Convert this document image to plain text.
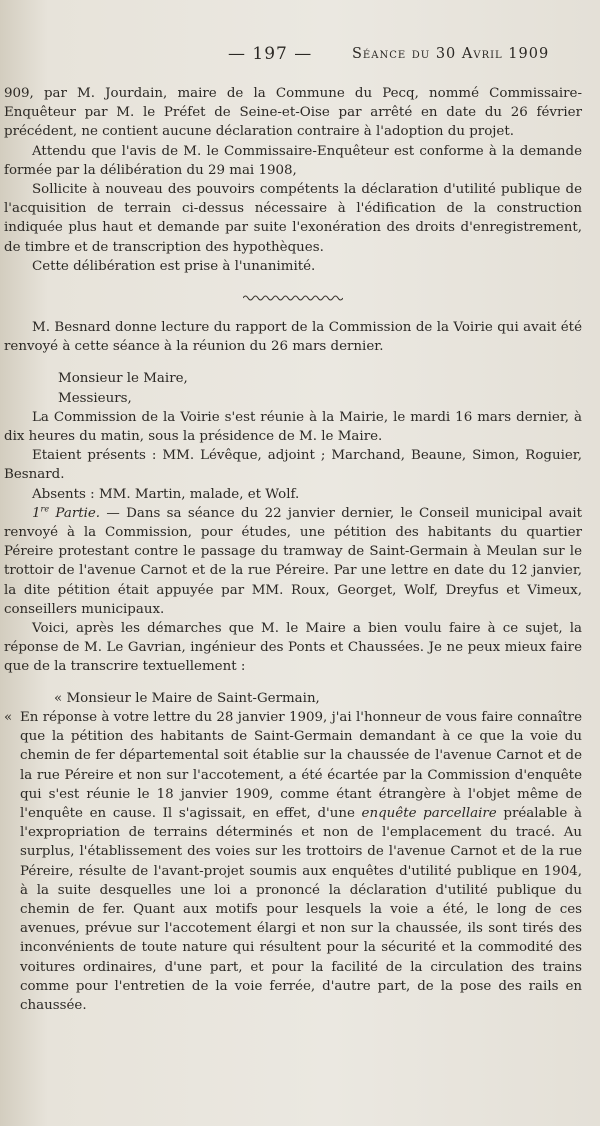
— 197 —	Séance du 30 Avril 1909

909, par M. Jourdain, maire de la Commune du Pecq, nommé Commissaire-Enquêteur par M. le Préfet de Seine-et-Oise par arrêté en date du 26 février précédent, ne contient aucune déclaration contraire à l'adoption du projet.

Attendu que l'avis de M. le Commissaire-Enquêteur est conforme à la demande formée par la délibération du 29 mai 1908,

Sollicite à nouveau des pouvoirs compétents la déclaration d'utilité publique de l'acquisition de terrain ci-dessus nécessaire à l'édification de la construction indiquée plus haut et demande par suite l'exonération des droits d'enregistrement, de timbre et de transcription des hypothèques.

Cette délibération est prise à l'unanimité.

M. Besnard donne lecture du rapport de la Commission de la Voirie qui avait été renvoyé à cette séance à la réunion du 26 mars dernier.

Monsieur le Maire,

Messieurs,

La Commission de la Voirie s'est réunie à la Mairie, le mardi 16 mars dernier, à dix heures du matin, sous la présidence de M. le Maire.

Etaient présents : MM. Lévêque, adjoint ; Marchand, Beaune, Simon, Roguier, Besnard.

Absents : MM. Martin, malade, et Wolf.

1re Partie. — Dans sa séance du 22 janvier dernier, le Conseil municipal avait renvoyé à la Commission, pour études, une pétition des habitants du quartier Péreire protestant contre le passage du tramway de Saint-Germain à Meulan sur le trottoir de l'avenue Carnot et de la rue Péreire. Par une lettre en date du 12 janvier, la dite pétition était appuyée par MM. Roux, Georget, Wolf, Dreyfus et Vimeux, conseillers municipaux.

Voici, après les démarches que M. le Maire a bien voulu faire à ce sujet, la réponse de M. Le Gavrian, ingénieur des Ponts et Chaussées. Je ne peux mieux faire que de la transcrire textuellement :

« Monsieur le Maire de Saint-Germain,

« En réponse à votre lettre du 28 janvier 1909, j'ai l'honneur de vous faire connaître que la pétition des habitants de Saint-Germain demandant à ce que la voie du chemin de fer départemental soit établie sur la chaussée de l'avenue Carnot et de la rue Péreire et non sur l'accotement, a été écartée par la Commission d'enquête qui s'est réunie le 18 janvier 1909, comme étant étrangère à l'objet même de l'enquête en cause. Il s'agissait, en effet, d'une enquête parcellaire préalable à l'expropriation de terrains déterminés et non de l'emplacement du tracé. Au surplus, l'établissement des voies sur les trottoirs de l'avenue Carnot et de la rue Péreire, résulte de l'avant-projet soumis aux enquêtes d'utilité publique en 1904, à la suite desquelles une loi a prononcé la déclaration d'utilité publique du chemin de fer. Quant aux motifs pour lesquels la voie a été, le long de ces avenues, prévue sur l'accotement élargi et non sur la chaussée, ils sont tirés des inconvénients de toute nature qui résultent pour la sécurité et la commodité des voitures ordinaires, d'une part, et pour la facilité de la circulation des trains comme pour l'entretien de la voie ferrée, d'autre part, de la pose des rails en chaussée.
